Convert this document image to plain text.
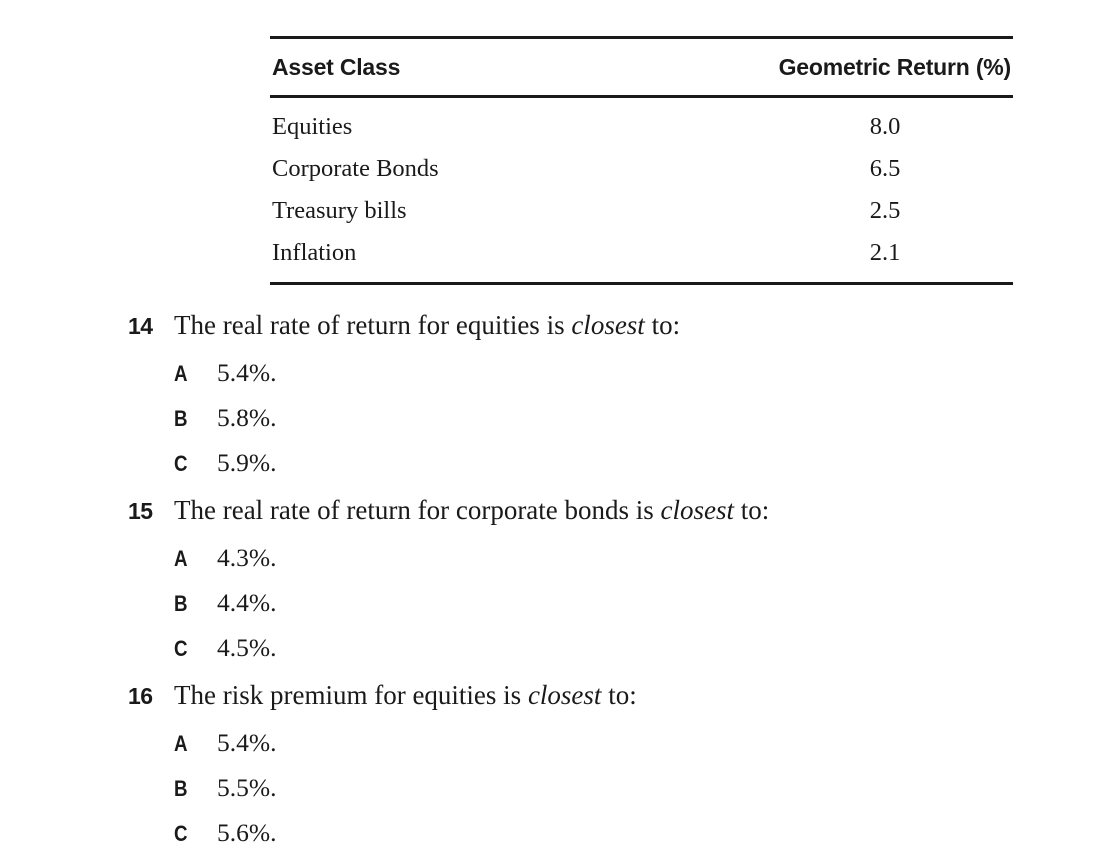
Asset Class	Geometric Return (%)
Equities	8.0
Corporate Bonds	6.5
Treasury bills	2.5
Inflation	2.1
14 The real rate of return for equities is closest to:
A	5.4%.
B	5.8%.
C	5.9%.
15 The real rate of return for corporate bonds is closest to:
A	4.3%.
B	4.4%.
C	4.5%.
16 The risk premium for equities is closest to:
A	5.4%.
B	5.5%.
C	5.6%.
